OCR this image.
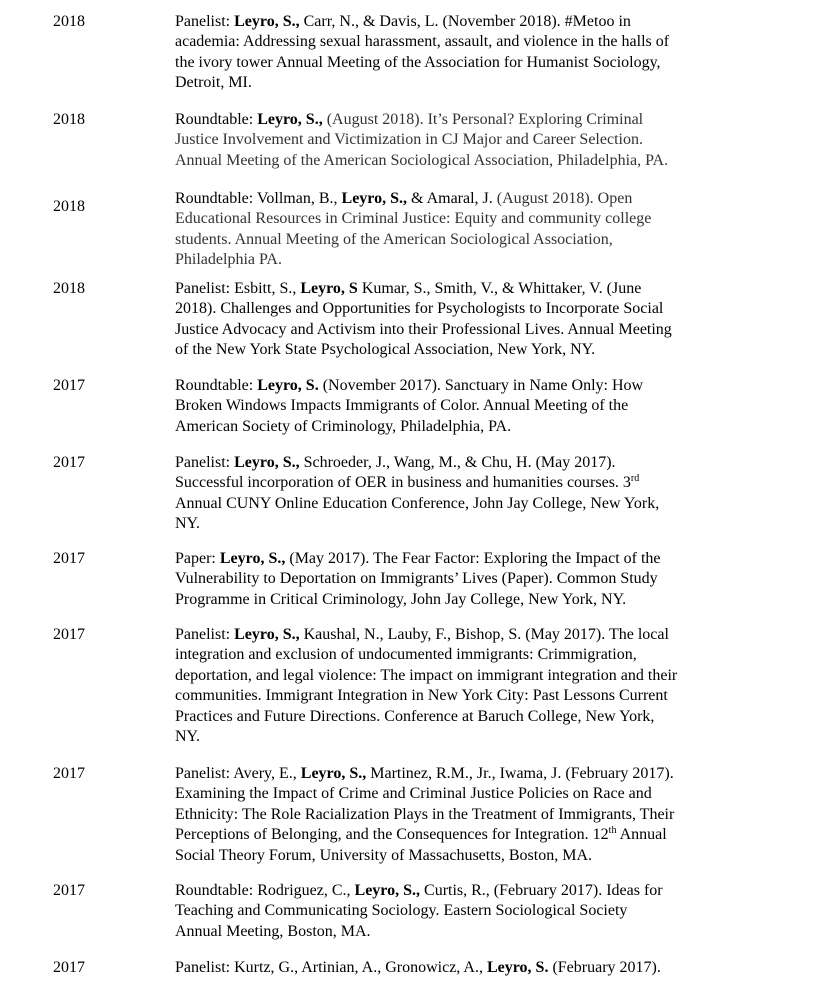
2018	Panelist: Leyro, S., Carr, N., & Davis, L. (November 2018). #Metoo in
academia: Addressing sexual harassment, assault, and violence in the halls of
the ivory tower Annual Meeting of the Association for Humanist Sociology,
Detroit, MI.
2018	Roundtable: Leyro, S., (August 2018). It’s Personal? Exploring Criminal
Justice Involvement and Victimization in CJ Major and Career Selection.
Annual Meeting of the American Sociological Association, Philadelphia, PA.
2018	Roundtable: Vollman, B., Leyro, S., & Amaral, J. (August 2018). Open
Educational Resources in Criminal Justice: Equity and community college
students. Annual Meeting of the American Sociological Association,
Philadelphia PA.
2018	Panelist: Esbitt, S., Leyro, S Kumar, S., Smith, V., & Whittaker, V. (June
2018). Challenges and Opportunities for Psychologists to Incorporate Social
Justice Advocacy and Activism into their Professional Lives. Annual Meeting
of the New York State Psychological Association, New York, NY.
2017	Roundtable: Leyro, S. (November 2017). Sanctuary in Name Only: How
Broken Windows Impacts Immigrants of Color. Annual Meeting of the
American Society of Criminology, Philadelphia, PA.
2017	Panelist: Leyro, S., Schroeder, J., Wang, M., & Chu, H. (May 2017).
Successful incorporation of OER in business and humanities courses. 3rd
Annual CUNY Online Education Conference, John Jay College, New York,
NY.
2017	Paper: Leyro, S., (May 2017). The Fear Factor: Exploring the Impact of the
Vulnerability to Deportation on Immigrants’ Lives (Paper). Common Study
Programme in Critical Criminology, John Jay College, New York, NY.
2017	Panelist: Leyro, S., Kaushal, N., Lauby, F., Bishop, S. (May 2017). The local
integration and exclusion of undocumented immigrants: Crimmigration,
deportation, and legal violence: The impact on immigrant integration and their
communities. Immigrant Integration in New York City: Past Lessons Current
Practices and Future Directions. Conference at Baruch College, New York,
NY.
2017	Panelist: Avery, E., Leyro, S., Martinez, R.M., Jr., Iwama, J. (February 2017).
Examining the Impact of Crime and Criminal Justice Policies on Race and
Ethnicity: The Role Racialization Plays in the Treatment of Immigrants, Their
Perceptions of Belonging, and the Consequences for Integration. 12th Annual
Social Theory Forum, University of Massachusetts, Boston, MA.
2017	Roundtable: Rodriguez, C., Leyro, S., Curtis, R., (February 2017). Ideas for
Teaching and Communicating Sociology. Eastern Sociological Society
Annual Meeting, Boston, MA.
2017	Panelist: Kurtz, G., Artinian, A., Gronowicz, A., Leyro, S. (February 2017).
